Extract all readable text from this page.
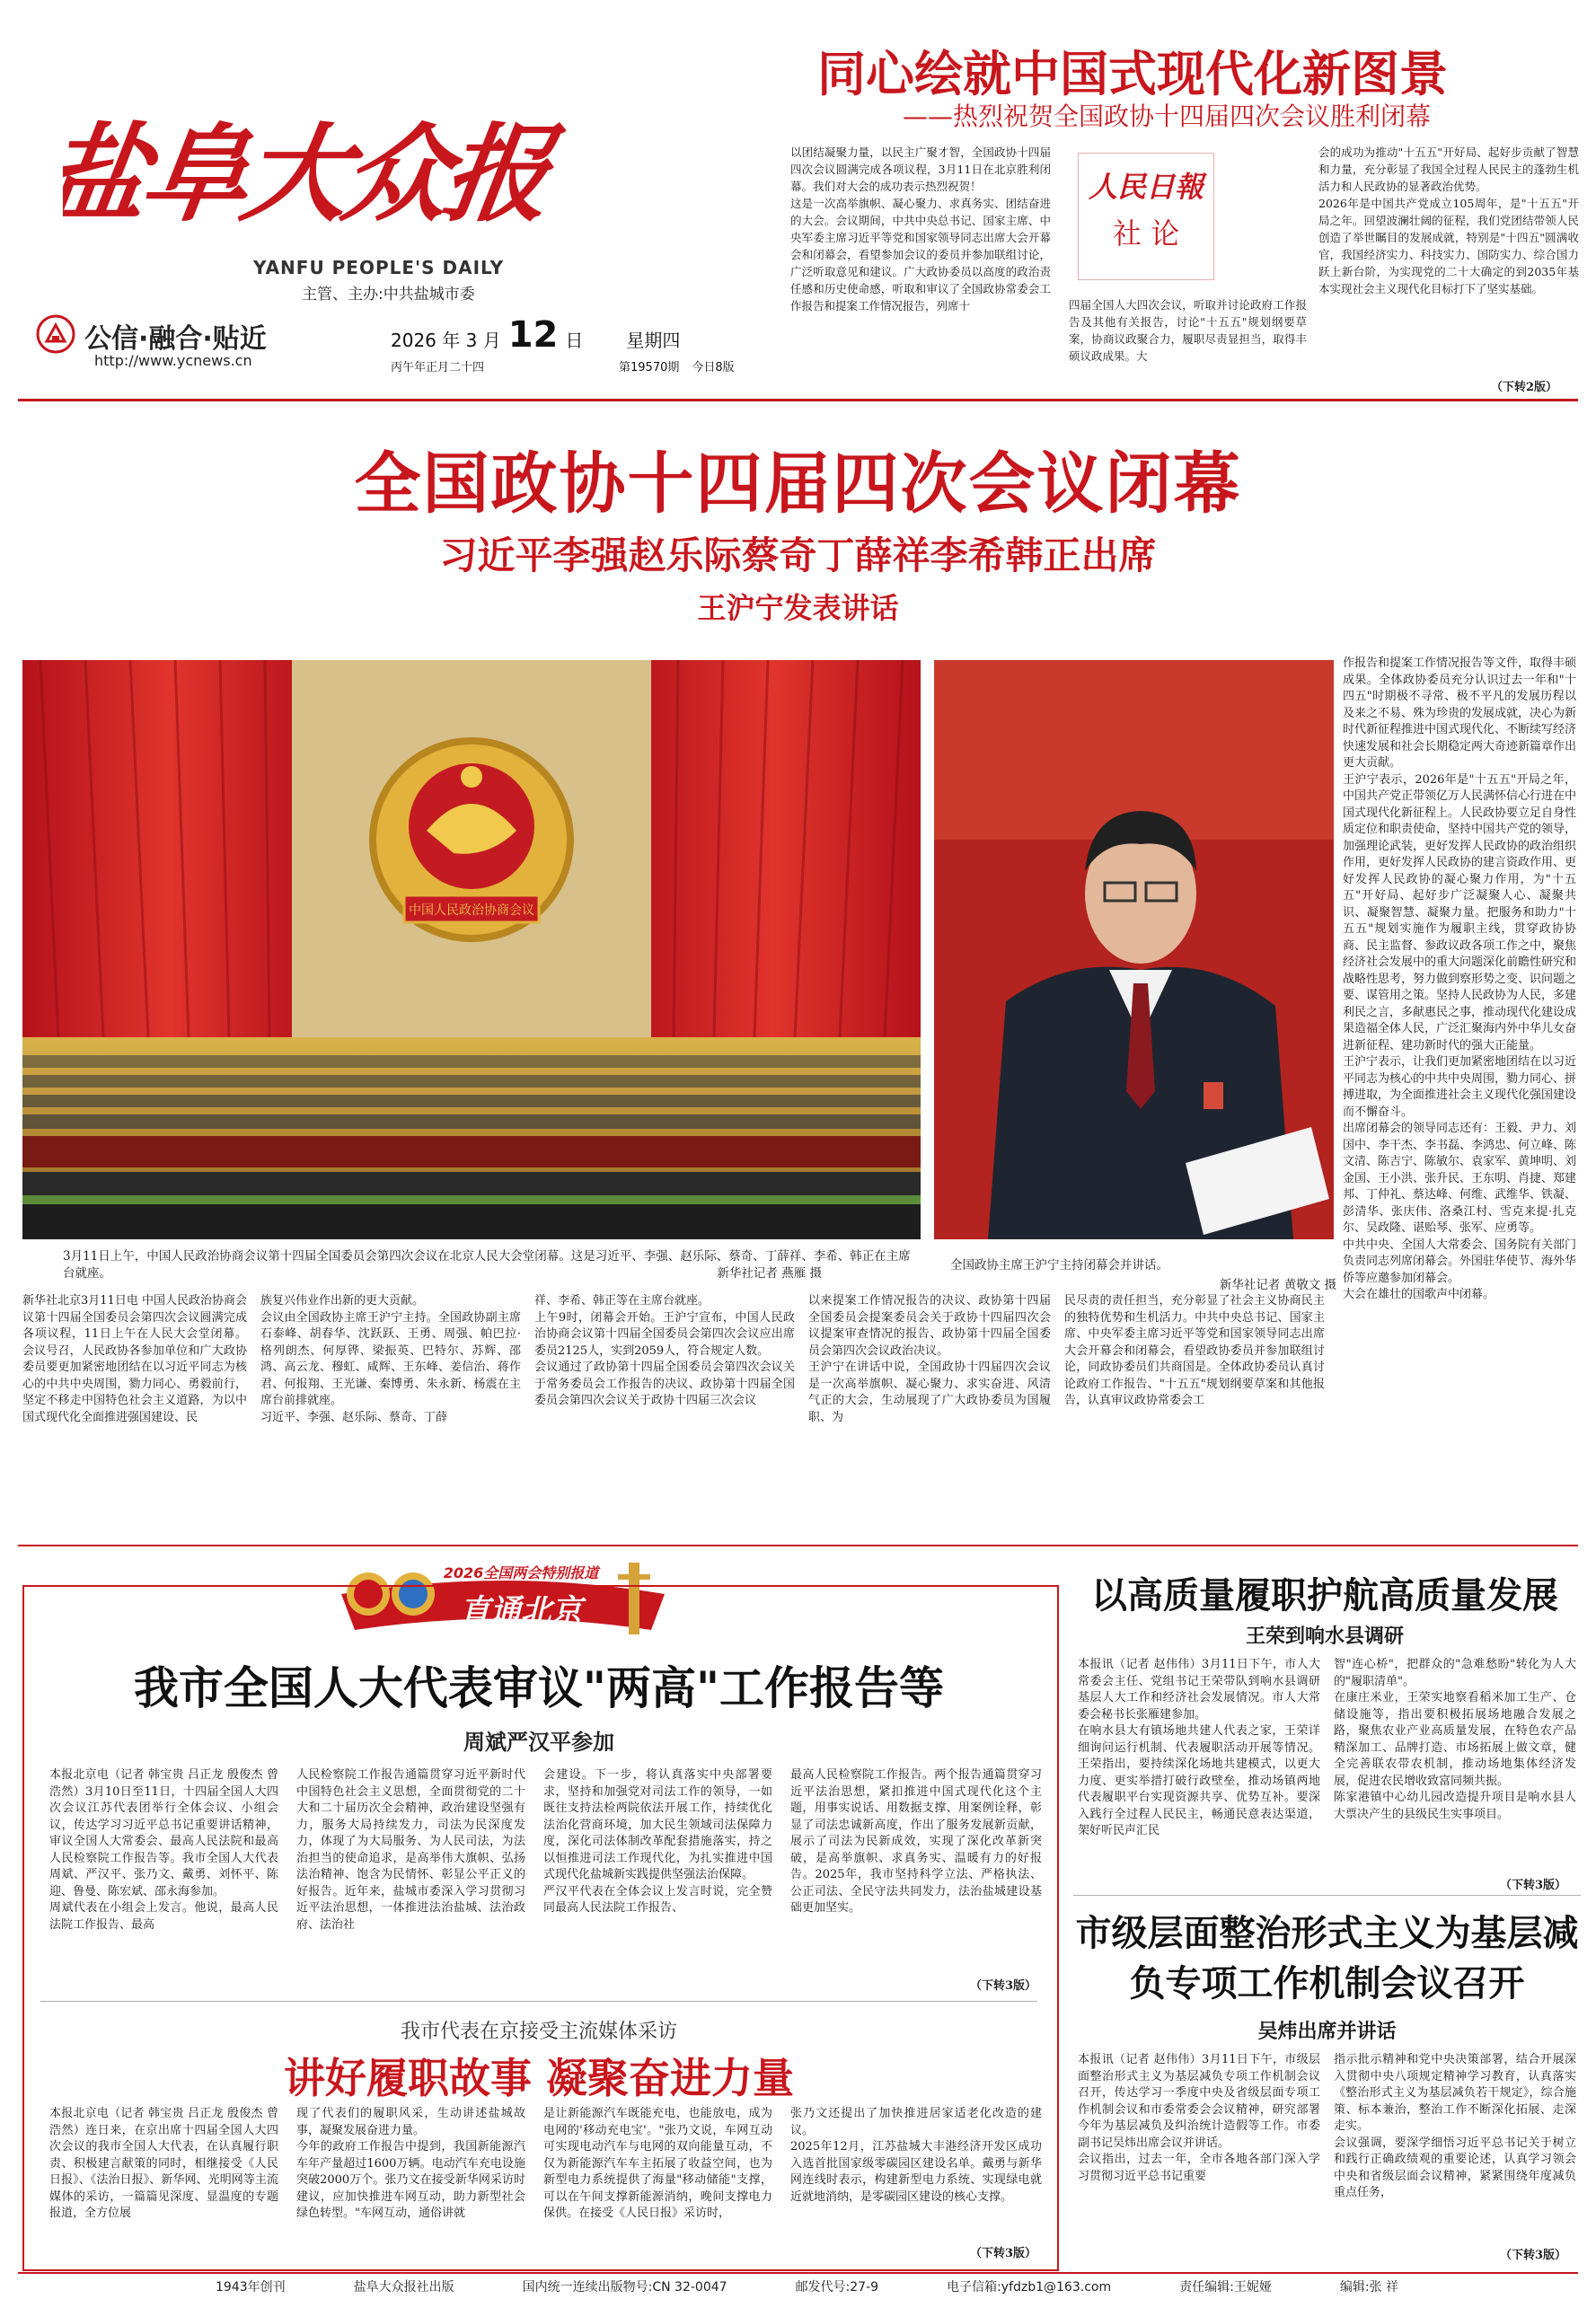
盐阜大众报
YANFU PEOPLE'S DAILY
主管、主办:中共盐城市委
公信·融合·贴近
http://www.ycnews.cn
2026 年 3 月 12 日 星期四
丙午年正月二十四	第19570期 今日8版
同心绘就中国式现代化新图景
——热烈祝贺全国政协十四届四次会议胜利闭幕
以团结凝聚力量，以民主广聚才智，全国政协十四届四次会议圆满完成各项议程，3月11日在北京胜利闭幕。我们对大会的成功表示热烈祝贺！
这是一次高举旗帜、凝心聚力、求真务实、团结奋进的大会。会议期间，中共中央总书记、国家主席、中央军委主席习近平等党和国家领导同志出席大会开幕会和闭幕会，看望参加会议的委员并参加联组讨论，广泛听取意见和建议。广大政协委员以高度的政治责任感和历史使命感，听取和审议了全国政协常委会工作报告和提案工作情况报告，列席十
人民日報
社 论
四届全国人大四次会议，听取并讨论政府工作报告及其他有关报告，讨论"十五五"规划纲要草案，协商议政聚合力，履职尽责显担当，取得丰硕议政成果。大
会的成功为推动"十五五"开好局、起好步贡献了智慧和力量，充分彰显了我国全过程人民民主的蓬勃生机活力和人民政协的显著政治优势。
2026年是中国共产党成立105周年，是"十五五"开局之年。回望波澜壮阔的征程，我们党团结带领人民创造了举世瞩目的发展成就，特别是"十四五"圆满收官，我国经济实力、科技实力、国防实力、综合国力跃上新台阶，为实现党的二十大确定的到2035年基本实现社会主义现代化目标打下了坚实基础。
（下转2版）
全国政协十四届四次会议闭幕
习近平李强赵乐际蔡奇丁薛祥李希韩正出席
王沪宁发表讲话
中国人民政治协商会议
3月11日上午，中国人民政治协商会议第十四届全国委员会第四次会议在北京人民大会堂闭幕。这是习近平、李强、赵乐际、蔡奇、丁薛祥、李希、韩正在主席台就座。	新华社记者 燕雁 摄
全国政协主席王沪宁主持闭幕会并讲话。
新华社记者 黄敬文 摄
新华社北京3月11日电 中国人民政治协商会议第十四届全国委员会第四次会议圆满完成各项议程，11日上午在人民大会堂闭幕。会议号召，人民政协各参加单位和广大政协委员要更加紧密地团结在以习近平同志为核心的中共中央周围，勠力同心、勇毅前行，坚定不移走中国特色社会主义道路，为以中国式现代化全面推进强国建设、民
族复兴伟业作出新的更大贡献。
会议由全国政协主席王沪宁主持。全国政协副主席石泰峰、胡春华、沈跃跃、王勇、周强、帕巴拉·格列朗杰、何厚铧、梁振英、巴特尔、苏辉、邵鸿、高云龙、穆虹、咸辉、王东峰、姜信治、蒋作君、何报翔、王光谦、秦博勇、朱永新、杨震在主席台前排就座。
习近平、李强、赵乐际、蔡奇、丁薛
祥、李希、韩正等在主席台就座。
上午9时，闭幕会开始。王沪宁宣布，中国人民政治协商会议第十四届全国委员会第四次会议应出席委员2125人，实到2059人，符合规定人数。
会议通过了政协第十四届全国委员会第四次会议关于常务委员会工作报告的决议、政协第十四届全国委员会第四次会议关于政协十四届三次会议
以来提案工作情况报告的决议、政协第十四届全国委员会提案委员会关于政协十四届四次会议提案审查情况的报告、政协第十四届全国委员会第四次会议政治决议。
王沪宁在讲话中说，全国政协十四届四次会议是一次高举旗帜、凝心聚力、求实奋进、风清气正的大会，生动展现了广大政协委员为国履职、为
民尽责的责任担当，充分彰显了社会主义协商民主的独特优势和生机活力。中共中央总书记、国家主席、中央军委主席习近平等党和国家领导同志出席大会开幕会和闭幕会，看望政协委员并参加联组讨论，同政协委员们共商国是。全体政协委员认真讨论政府工作报告、"十五五"规划纲要草案和其他报告，认真审议政协常委会工
作报告和提案工作情况报告等文件，取得丰硕成果。全体政协委员充分认识过去一年和"十四五"时期极不寻常、极不平凡的发展历程以及来之不易、殊为珍贵的发展成就，决心为新时代新征程推进中国式现代化、不断续写经济快速发展和社会长期稳定两大奇迹新篇章作出更大贡献。
王沪宁表示，2026年是"十五五"开局之年，中国共产党正带领亿万人民满怀信心行进在中国式现代化新征程上。人民政协要立足自身性质定位和职责使命，坚持中国共产党的领导，加强理论武装，更好发挥人民政协的政治组织作用，更好发挥人民政协的建言资政作用、更好发挥人民政协的凝心聚力作用，为"十五五"开好局、起好步广泛凝聚人心、凝聚共识、凝聚智慧、凝聚力量。把服务和助力"十五五"规划实施作为履职主线，贯穿政协协商、民主监督、参政议政各项工作之中，聚焦经济社会发展中的重大问题深化前瞻性研究和战略性思考，努力做到察形势之变、识问题之要、谋管用之策。坚持人民政协为人民，多建利民之言，多献惠民之事，推动现代化建设成果造福全体人民，广泛汇聚海内外中华儿女奋进新征程、建功新时代的强大正能量。
王沪宁表示，让我们更加紧密地团结在以习近平同志为核心的中共中央周围，勠力同心、拼搏进取，为全面推进社会主义现代化强国建设而不懈奋斗。
出席闭幕会的领导同志还有：王毅、尹力、刘国中、李干杰、李书磊、李鸿忠、何立峰、陈文清、陈吉宁、陈敏尔、袁家军、黄坤明、刘金国、王小洪、张升民、王东明、肖捷、郑建邦、丁仲礼、蔡达峰、何维、武维华、铁凝、彭清华、张庆伟、洛桑江村、雪克来提·扎克尔、吴政隆、谌贻琴、张军、应勇等。
中共中央、全国人大常委会、国务院有关部门负责同志列席闭幕会。外国驻华使节、海外华侨等应邀参加闭幕会。
大会在雄壮的国歌声中闭幕。
2026全国两会特别报道
直通北京
我市全国人大代表审议"两高"工作报告等
周斌严汉平参加
本报北京电（记者 韩宝贵 吕正龙 殷俊杰 曾浩然）3月10日至11日，十四届全国人大四次会议江苏代表团举行全体会议、小组会议，传达学习习近平总书记重要讲话精神，审议全国人大常委会、最高人民法院和最高人民检察院工作报告等。我市全国人大代表周斌、严汉平、张乃文、戴勇、刘怀平、陈迎、鲁曼、陈宏斌、邵永海参加。
周斌代表在小组会上发言。他说，最高人民法院工作报告、最高
人民检察院工作报告通篇贯穿习近平新时代中国特色社会主义思想，全面贯彻党的二十大和二十届历次全会精神，政治建设坚强有力，服务大局持续发力，司法为民深度发力，体现了为大局服务、为人民司法，为法治担当的使命追求，是高举伟大旗帜、弘扬法治精神、饱含为民情怀、彰显公平正义的好报告。近年来，盐城市委深入学习贯彻习近平法治思想，一体推进法治盐城、法治政府、法治社
会建设。下一步，将认真落实中央部署要求，坚持和加强党对司法工作的领导，一如既往支持法检两院依法开展工作，持续优化法治化营商环境，加大民生领域司法保障力度，深化司法体制改革配套措施落实，持之以恒推进司法工作现代化，为扎实推进中国式现代化盐城新实践提供坚强法治保障。
严汉平代表在全体会议上发言时说，完全赞同最高人民法院工作报告、
最高人民检察院工作报告。两个报告通篇贯穿习近平法治思想，紧扣推进中国式现代化这个主题，用事实说话、用数据支撑、用案例诠释，彰显了司法忠诚新高度，作出了服务发展新贡献，展示了司法为民新成效，实现了深化改革新突破，是高举旗帜、求真务实、温暖有力的好报告。2025年，我市坚持科学立法、严格执法、公正司法、全民守法共同发力，法治盐城建设基础更加坚实。
（下转3版）
我市代表在京接受主流媒体采访
讲好履职故事 凝聚奋进力量
本报北京电（记者 韩宝贵 吕正龙 殷俊杰 曾浩然）连日来，在京出席十四届全国人大四次会议的我市全国人大代表，在认真履行职责、积极建言献策的同时，相继接受《人民日报》、《法治日报》、新华网、光明网等主流媒体的采访，一篇篇见深度、显温度的专题报道，全方位展
现了代表们的履职风采，生动讲述盐城故事，凝聚发展奋进力量。
今年的政府工作报告中提到，我国新能源汽车年产量超过1600万辆。电动汽车充电设施突破2000万个。张乃文在接受新华网采访时建议，应加快推进车网互动，助力新型社会绿色转型。"车网互动，通俗讲就
是让新能源汽车既能充电，也能放电，成为电网的'移动充电宝'。"张乃文说，车网互动可实现电动汽车与电网的双向能量互动，不仅为新能源汽车车主拓展了收益空间，也为新型电力系统提供了海量"移动储能"支撑，可以在午间支撑新能源消纳，晚间支撑电力保供。在接受《人民日报》采访时，
张乃文还提出了加快推进居家适老化改造的建议。
2025年12月，江苏盐城大丰港经济开发区成功入选首批国家级零碳园区建设名单。戴勇与新华网连线时表示，构建新型电力系统、实现绿电就近就地消纳，是零碳园区建设的核心支撑。
（下转3版）
以高质量履职护航高质量发展
王荣到响水县调研
本报讯（记者 赵伟伟）3月11日下午，市人大常委会主任、党组书记王荣带队到响水县调研基层人大工作和经济社会发展情况。市人大常委会秘书长张雁建参加。
在响水县大有镇场地共建人代表之家，王荣详细询问运行机制、代表履职活动开展等情况。王荣指出，要持续深化场地共建模式，以更大力度、更实举措打破行政壁垒，推动场镇两地代表履职平台实现资源共享、优势互补。要深入践行全过程人民民主，畅通民意表达渠道，架好听民声汇民
智"连心桥"，把群众的"急难愁盼"转化为人大的"履职清单"。
在康庄米业，王荣实地察看稻米加工生产、仓储设施等，指出要积极拓展场地融合发展之路，聚焦农业产业高质量发展，在特色农产品精深加工、品牌打造、市场拓展上做文章，健全完善联农带农机制，推动场地集体经济发展，促进农民增收致富同频共振。
陈家港镇中心幼儿园改造提升项目是响水县人大票决产生的县级民生实事项目。
（下转3版）
市级层面整治形式主义为基层减负专项工作机制会议召开
吴炜出席并讲话
本报讯（记者 赵伟伟）3月11日下午，市级层面整治形式主义为基层减负专项工作机制会议召开，传达学习一季度中央及省级层面专项工作机制会议和市委常委会会议精神，研究部署今年为基层减负及纠治统计造假等工作。市委副书记吴炜出席会议并讲话。
会议指出，过去一年，全市各地各部门深入学习贯彻习近平总书记重要
指示批示精神和党中央决策部署，结合开展深入贯彻中央八项规定精神学习教育，认真落实《整治形式主义为基层减负若干规定》，综合施策、标本兼治，整治工作不断深化拓展、走深走实。
会议强调，要深学细悟习近平总书记关于树立和践行正确政绩观的重要论述，认真学习领会中央和省级层面会议精神，紧紧围绕年度减负重点任务，
（下转3版）
1943年创刊	盐阜大众报社出版	国内统一连续出版物号:CN 32-0047	邮发代号:27-9	电子信箱:yfdzb1@163.com	责任编辑:王妮娅	编辑:张 祥
